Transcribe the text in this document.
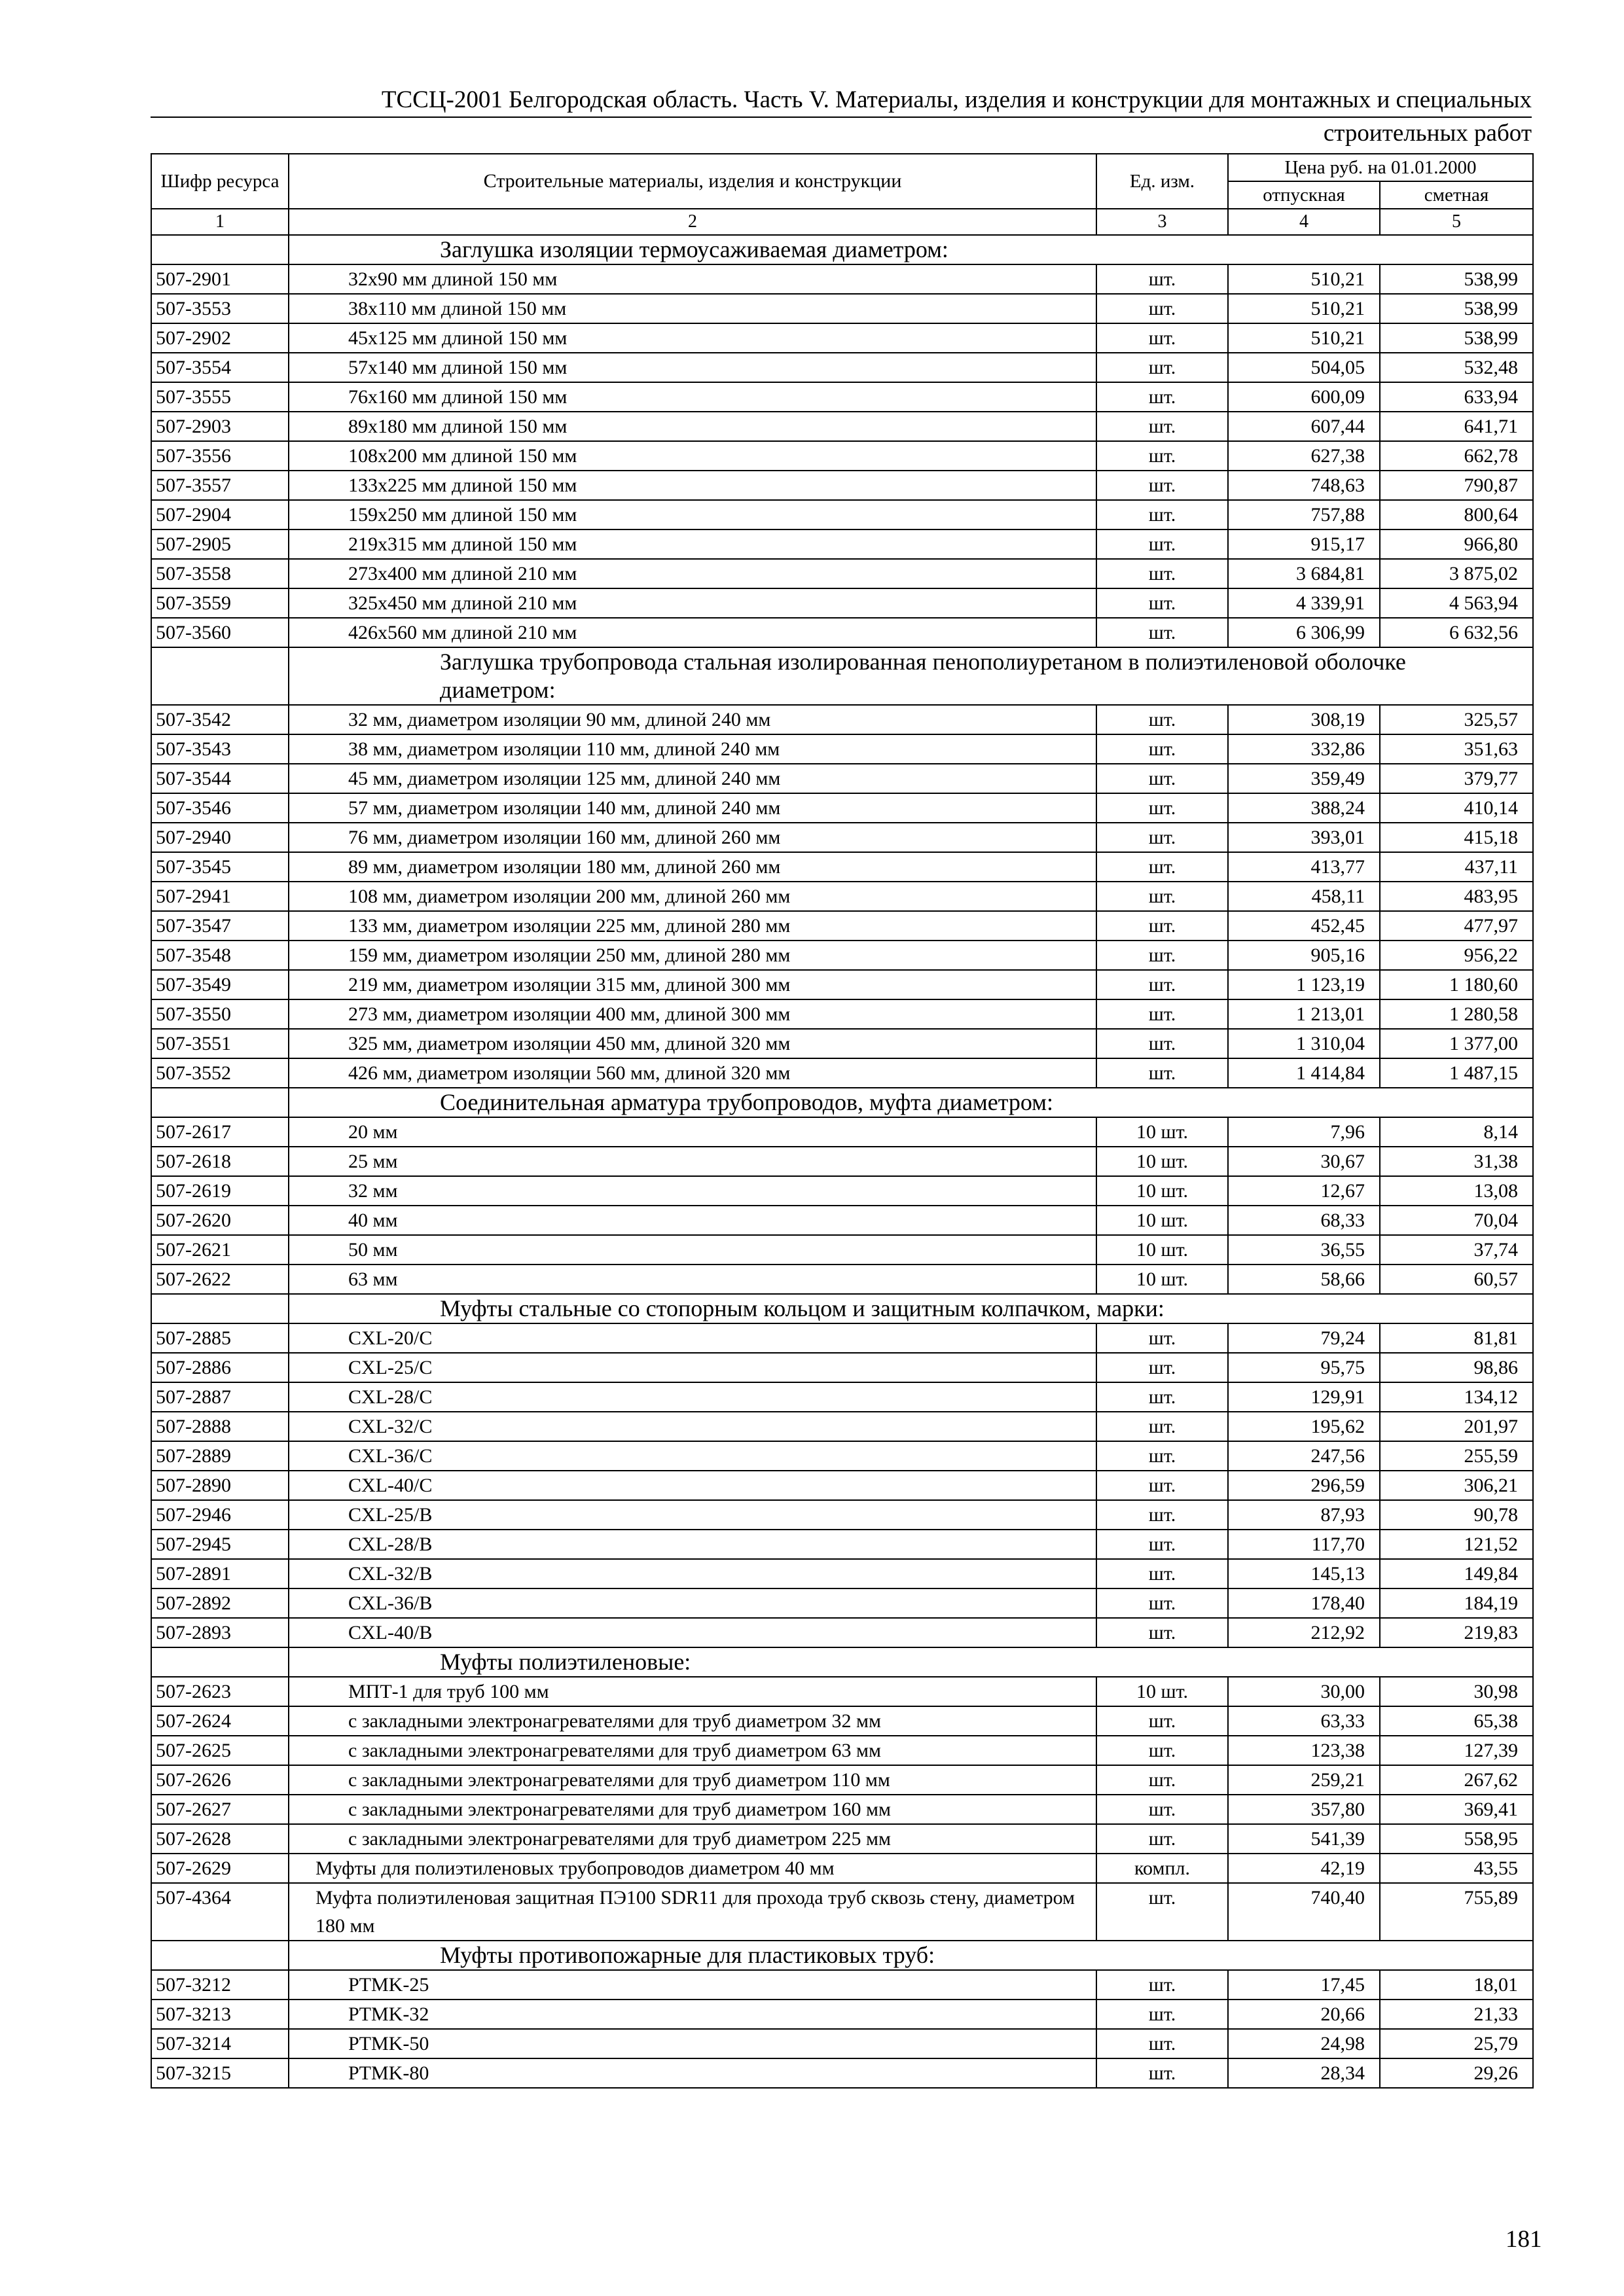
ТССЦ-2001 Белгородская область. Часть V. Материалы, изделия и конструкции для монтажных и специальных
строительных работ
Шифр ресурса	Строительные материалы, изделия и конструкции	Ед. изм.	Цена руб. на 01.01.2000	
			отпускная	сметная
1	2	3	4	5
	Заглушка изоляции термоусаживаемая диаметром:			
507-2901	32х90 мм длиной 150 мм	шт.	510,21	538,99
507-3553	38х110 мм длиной 150 мм	шт.	510,21	538,99
507-2902	45х125 мм длиной 150 мм	шт.	510,21	538,99
507-3554	57х140 мм длиной 150 мм	шт.	504,05	532,48
507-3555	76х160 мм длиной 150 мм	шт.	600,09	633,94
507-2903	89х180 мм длиной 150 мм	шт.	607,44	641,71
507-3556	108х200 мм длиной 150 мм	шт.	627,38	662,78
507-3557	133х225 мм длиной 150 мм	шт.	748,63	790,87
507-2904	159х250 мм длиной 150 мм	шт.	757,88	800,64
507-2905	219х315 мм длиной 150 мм	шт.	915,17	966,80
507-3558	273х400 мм длиной 210 мм	шт.	3 684,81	3 875,02
507-3559	325х450 мм длиной 210 мм	шт.	4 339,91	4 563,94
507-3560	426х560 мм длиной 210 мм	шт.	6 306,99	6 632,56
	Заглушка трубопровода стальная изолированная пенополиуретаном в полиэтиленовой оболочке диаметром:			
507-3542	32 мм, диаметром изоляции 90 мм, длиной 240 мм	шт.	308,19	325,57
507-3543	38 мм, диаметром изоляции 110 мм, длиной 240 мм	шт.	332,86	351,63
507-3544	45 мм, диаметром изоляции 125 мм, длиной 240 мм	шт.	359,49	379,77
507-3546	57 мм, диаметром изоляции 140 мм, длиной 240 мм	шт.	388,24	410,14
507-2940	76 мм, диаметром изоляции 160 мм, длиной 260 мм	шт.	393,01	415,18
507-3545	89 мм, диаметром изоляции 180 мм, длиной 260 мм	шт.	413,77	437,11
507-2941	108 мм, диаметром изоляции 200 мм, длиной 260 мм	шт.	458,11	483,95
507-3547	133 мм, диаметром изоляции 225 мм, длиной 280 мм	шт.	452,45	477,97
507-3548	159 мм, диаметром изоляции 250 мм, длиной 280 мм	шт.	905,16	956,22
507-3549	219 мм, диаметром изоляции 315 мм, длиной 300 мм	шт.	1 123,19	1 180,60
507-3550	273 мм, диаметром изоляции 400 мм, длиной 300 мм	шт.	1 213,01	1 280,58
507-3551	325 мм, диаметром изоляции 450 мм, длиной 320 мм	шт.	1 310,04	1 377,00
507-3552	426 мм, диаметром изоляции 560 мм, длиной 320 мм	шт.	1 414,84	1 487,15
	Соединительная арматура трубопроводов, муфта диаметром:			
507-2617	20 мм	10 шт.	7,96	8,14
507-2618	25 мм	10 шт.	30,67	31,38
507-2619	32 мм	10 шт.	12,67	13,08
507-2620	40 мм	10 шт.	68,33	70,04
507-2621	50 мм	10 шт.	36,55	37,74
507-2622	63 мм	10 шт.	58,66	60,57
	Муфты стальные со стопорным кольцом и защитным колпачком, марки:			
507-2885	CXL-20/C	шт.	79,24	81,81
507-2886	CXL-25/C	шт.	95,75	98,86
507-2887	CXL-28/C	шт.	129,91	134,12
507-2888	CXL-32/C	шт.	195,62	201,97
507-2889	CXL-36/C	шт.	247,56	255,59
507-2890	CXL-40/C	шт.	296,59	306,21
507-2946	CXL-25/B	шт.	87,93	90,78
507-2945	CXL-28/B	шт.	117,70	121,52
507-2891	CXL-32/B	шт.	145,13	149,84
507-2892	CXL-36/B	шт.	178,40	184,19
507-2893	CXL-40/B	шт.	212,92	219,83
	Муфты полиэтиленовые:			
507-2623	МПТ-1 для труб 100 мм	10 шт.	30,00	30,98
507-2624	с закладными электронагревателями для труб диаметром 32 мм	шт.	63,33	65,38
507-2625	с закладными электронагревателями для труб диаметром 63 мм	шт.	123,38	127,39
507-2626	с закладными электронагревателями для труб диаметром 110 мм	шт.	259,21	267,62
507-2627	с закладными электронагревателями для труб диаметром 160 мм	шт.	357,80	369,41
507-2628	с закладными электронагревателями для труб диаметром 225 мм	шт.	541,39	558,95
507-2629	Муфты для полиэтиленовых трубопроводов диаметром 40 мм	компл.	42,19	43,55
507-4364	Муфта полиэтиленовая защитная ПЭ100 SDR11 для прохода труб сквозь стену, диаметром 180 мм	шт.	740,40	755,89
	Муфты противопожарные для пластиковых труб:			
507-3212	PTMK-25	шт.	17,45	18,01
507-3213	PTMK-32	шт.	20,66	21,33
507-3214	PTMK-50	шт.	24,98	25,79
507-3215	PTMK-80	шт.	28,34	29,26
181
